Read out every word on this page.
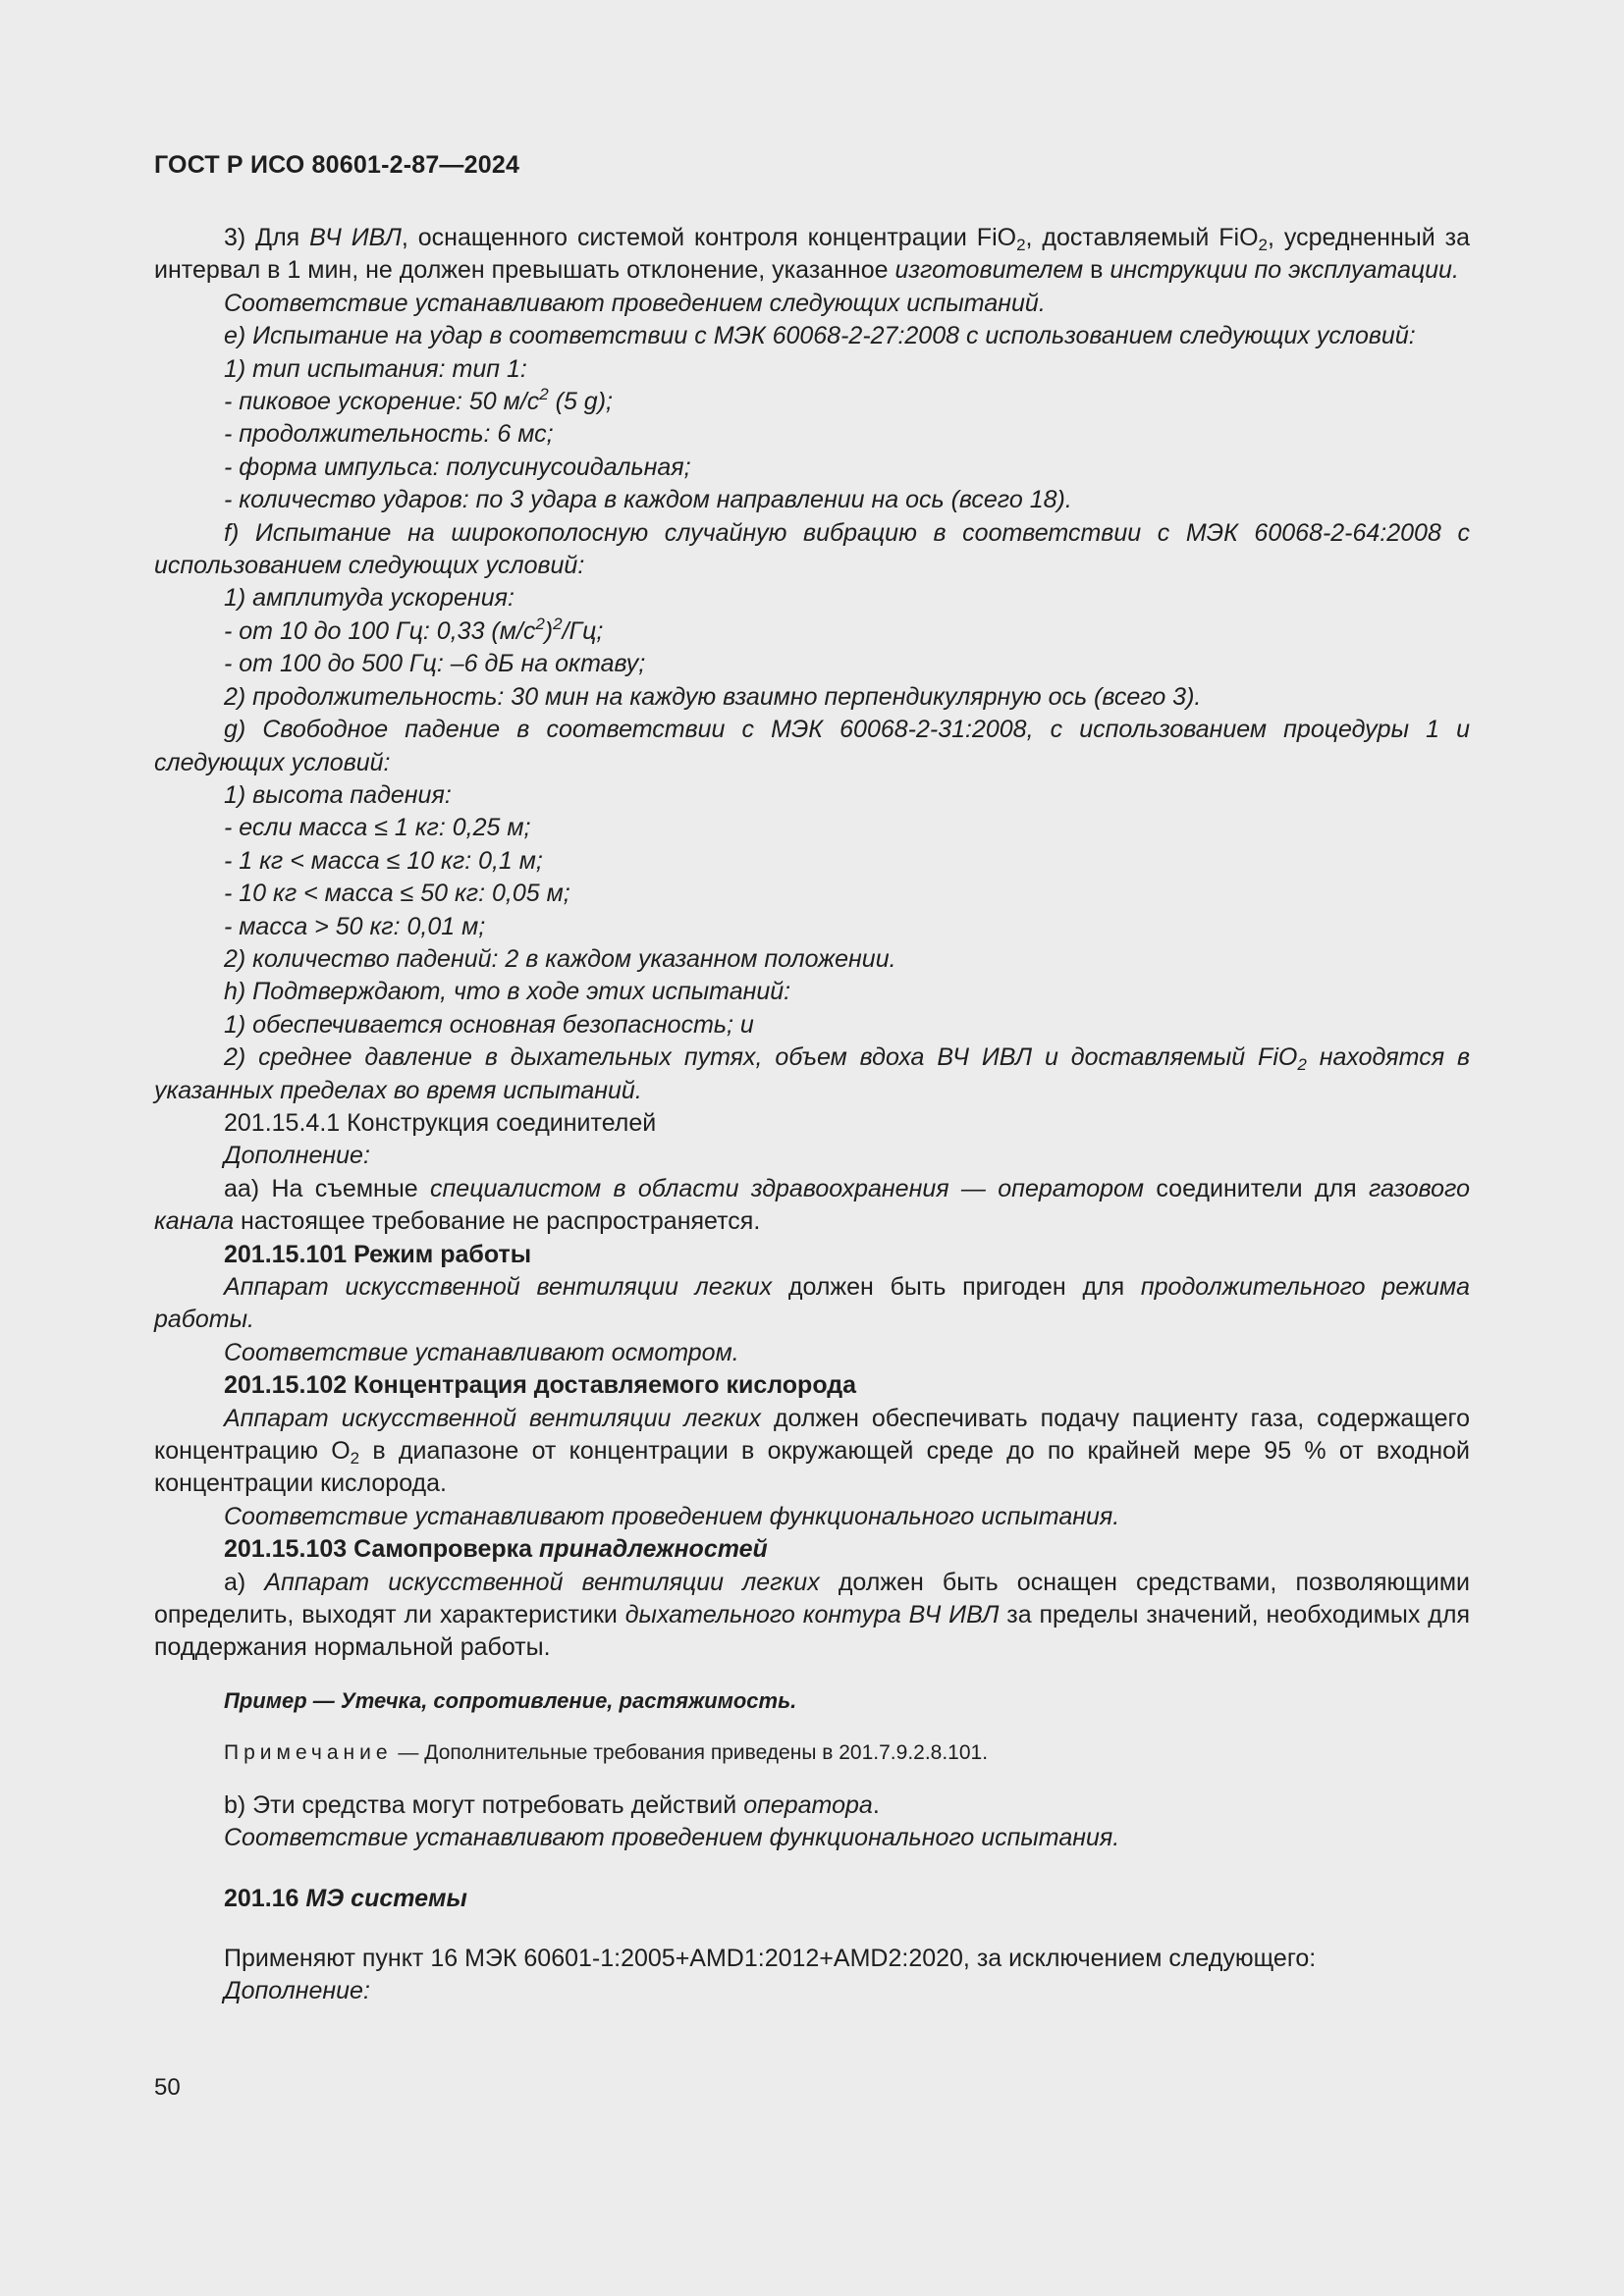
ГОСТ Р ИСО 80601-2-87—2024

3) Для ВЧ ИВЛ, оснащенного системой контроля концентрации FiO$_2$, доставляемый FiO$_2$, усредненный за интервал в 1 мин, не должен превышать отклонение, указанное изготовителем в инструкции по эксплуатации.

Соответствие устанавливают проведением следующих испытаний.

е) Испытание на удар в соответствии с МЭК 60068-2-27:2008 с использованием следующих условий:

1) тип испытания: тип 1:

- пиковое ускорение: 50 $м/с^2$ (5 g);

- продолжительность: 6 мс;

- форма импульса: полусинусоидальная;

- количество ударов: по 3 удара в каждом направлении на ось (всего 18).

f) Испытание на широкополосную случайную вибрацию в соответствии с МЭК 60068-2-64:2008 с использованием следующих условий:

1) амплитуда ускорения:

- от 10 до 100 Гц: 0,33 $(м/с^2)^2/Гц$;

- от 100 до 500 Гц: –6 дБ на октаву;

2) продолжительность: 30 мин на каждую взаимно перпендикулярную ось (всего 3).

g) Свободное падение в соответствии с МЭК 60068-2-31:2008, с использованием процедуры 1 и следующих условий:

1) высота падения:

- если масса ≤ 1 кг: 0,25 м;

- 1 кг < масса ≤ 10 кг: 0,1 м;

- 10 кг < масса ≤ 50 кг: 0,05 м;

- масса > 50 кг: 0,01 м;

2) количество падений: 2 в каждом указанном положении.

h) Подтверждают, что в ходе этих испытаний:

1) обеспечивается основная безопасность; и

2) среднее давление в дыхательных путях, объем вдоха ВЧ ИВЛ и доставляемый FiO$_2$ находятся в указанных пределах во время испытаний.

201.15.4.1 Конструкция соединителей

Дополнение:

аа) На съемные специалистом в области здравоохранения — оператором соединители для газового канала настоящее требование не распространяется.

201.15.101 Режим работы

Аппарат искусственной вентиляции легких должен быть пригоден для продолжительного режима работы.

Соответствие устанавливают осмотром.

201.15.102 Концентрация доставляемого кислорода

Аппарат искусственной вентиляции легких должен обеспечивать подачу пациенту газа, содержащего концентрацию $O_2$ в диапазоне от концентрации в окружающей среде до по крайней мере 95 % от входной концентрации кислорода.

Соответствие устанавливают проведением функционального испытания.

201.15.103 Самопроверка принадлежностей

а) Аппарат искусственной вентиляции легких должен быть оснащен средствами, позволяющими определить, выходят ли характеристики дыхательного контура ВЧ ИВЛ за пределы значений, необходимых для поддержания нормальной работы.

Пример — Утечка, сопротивление, растяжимость.

Примечание — Дополнительные требования приведены в 201.7.9.2.8.101.

b) Эти средства могут потребовать действий оператора.

Соответствие устанавливают проведением функционального испытания.

201.16 МЭ системы

Применяют пункт 16 МЭК 60601-1:2005+AMD1:2012+AMD2:2020, за исключением следующего:

Дополнение:

50
